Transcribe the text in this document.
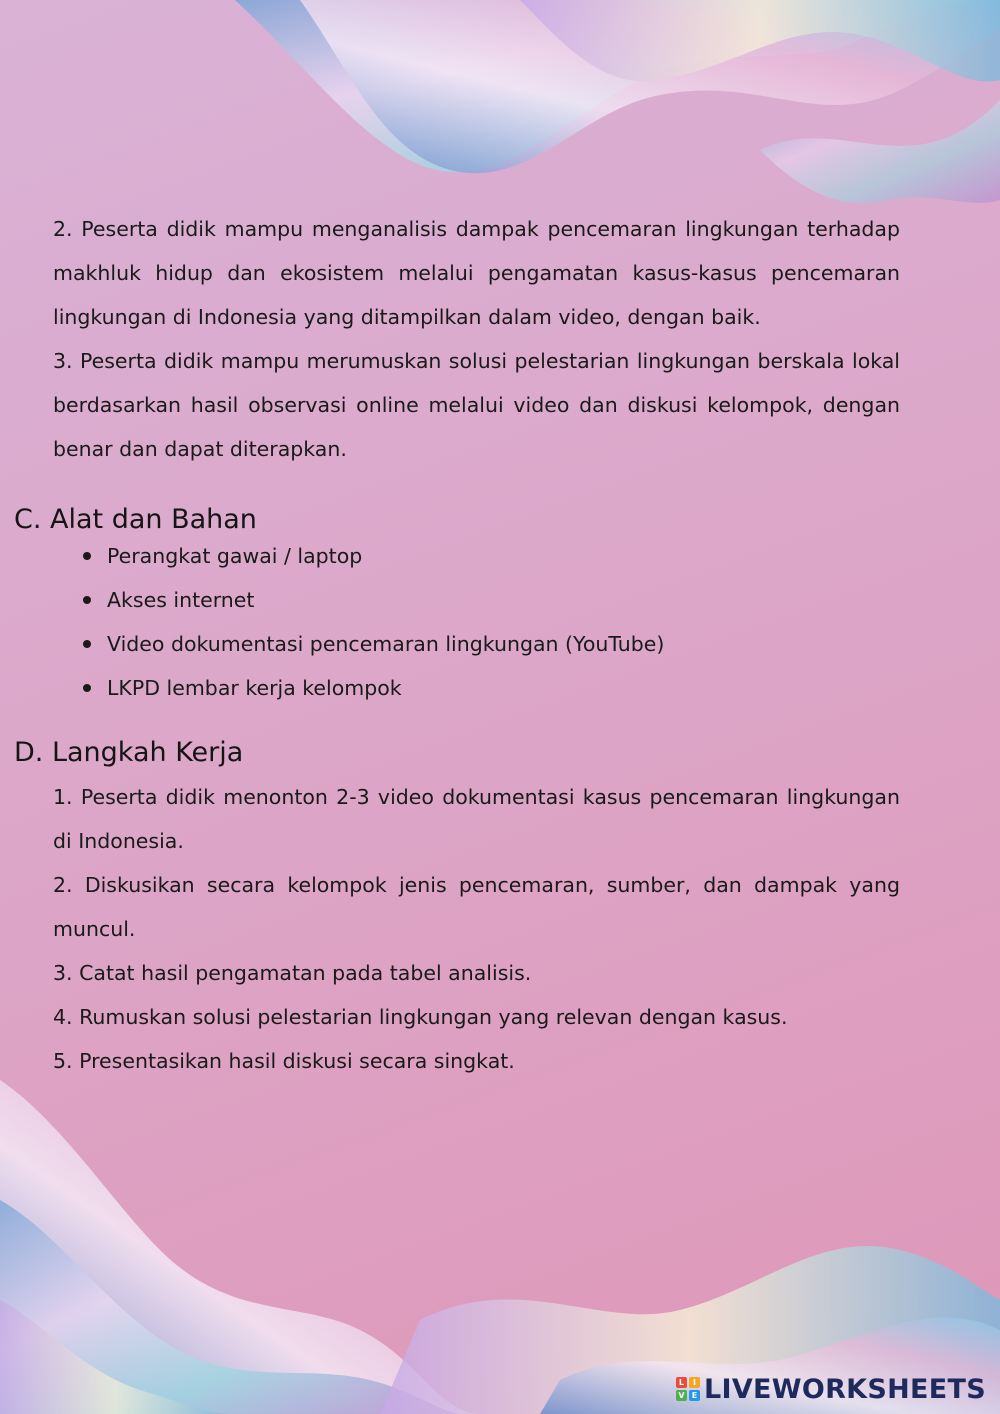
2. Peserta didik mampu menganalisis dampak pencemaran lingkungan terhadap makhluk hidup dan ekosistem melalui pengamatan kasus-kasus pencemaran lingkungan di Indonesia yang ditampilkan dalam video, dengan baik.

3. Peserta didik mampu merumuskan solusi pelestarian lingkungan berskala lokal berdasarkan hasil observasi online melalui video dan diskusi kelompok, dengan benar dan dapat diterapkan.

C. Alat dan Bahan
Perangkat gawai / laptop
Akses internet
Video dokumentasi pencemaran lingkungan (YouTube)
LKPD lembar kerja kelompok
D. Langkah Kerja

1. Peserta didik menonton 2-3 video dokumentasi kasus pencemaran lingkungan di Indonesia.

2. Diskusikan secara kelompok jenis pencemaran, sumber, dan dampak yang muncul.

3. Catat hasil pengamatan pada tabel analisis.

4. Rumuskan solusi pelestarian lingkungan yang relevan dengan kasus.

5. Presentasikan hasil diskusi secara singkat.

L	I
V E LIVEWORKSHEETS
